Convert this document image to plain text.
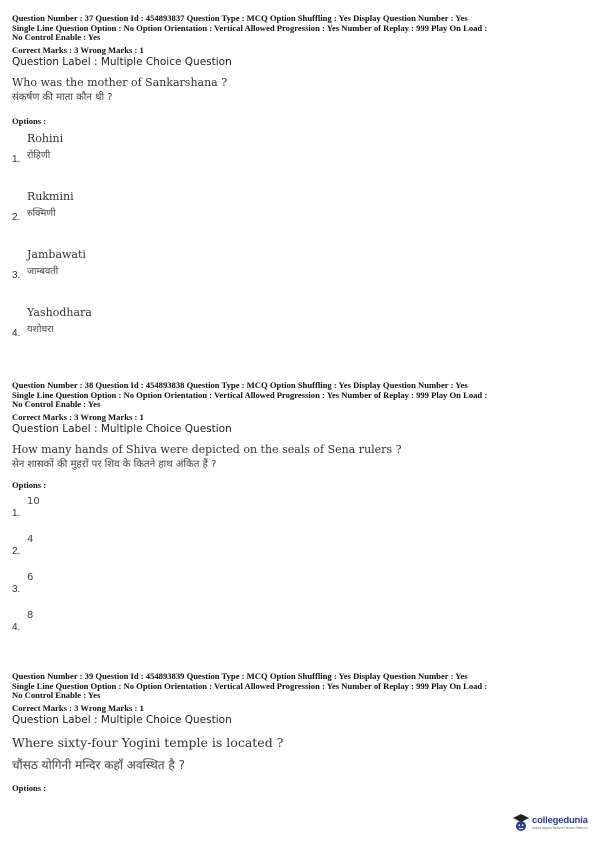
Question Number : 37 Question Id : 454893837 Question Type : MCQ Option Shuffling : Yes Display Question Number : Yes
Single Line Question Option : No Option Orientation : Vertical Allowed Progression : Yes Number of Replay : 999 Play On Load :
No Control Enable : Yes
Correct Marks : 3 Wrong Marks : 1
Question Label : Multiple Choice Question
Who was the mother of Sankarshana ?
संकर्षण की माता कौन थी ?
Options :
Rohini
रोहिणी
1.
Rukmini
रुक्मिणी
2.
Jambawati
जाम्बवती
3.
Yashodhara
यशोधरा
4.
Question Number : 38 Question Id : 454893838 Question Type : MCQ Option Shuffling : Yes Display Question Number : Yes
Single Line Question Option : No Option Orientation : Vertical Allowed Progression : Yes Number of Replay : 999 Play On Load :
No Control Enable : Yes
Correct Marks : 3 Wrong Marks : 1
Question Label : Multiple Choice Question
How many hands of Shiva were depicted on the seals of Sena rulers ?
सेन शासकों की मुहरों पर शिव के कितने हाथ अंकित हैं ?
Options :
10
1.
4
2.
6
3.
8
4.
Question Number : 39 Question Id : 454893839 Question Type : MCQ Option Shuffling : Yes Display Question Number : Yes
Single Line Question Option : No Option Orientation : Vertical Allowed Progression : Yes Number of Replay : 999 Play On Load :
No Control Enable : Yes
Correct Marks : 3 Wrong Marks : 1
Question Label : Multiple Choice Question
Where sixty-four Yogini temple is located ?
चौंसठ योगिनी मन्दिर कहाँ अवस्थित है ?
Options :
collegedunia
India's largest Student Review Platform
